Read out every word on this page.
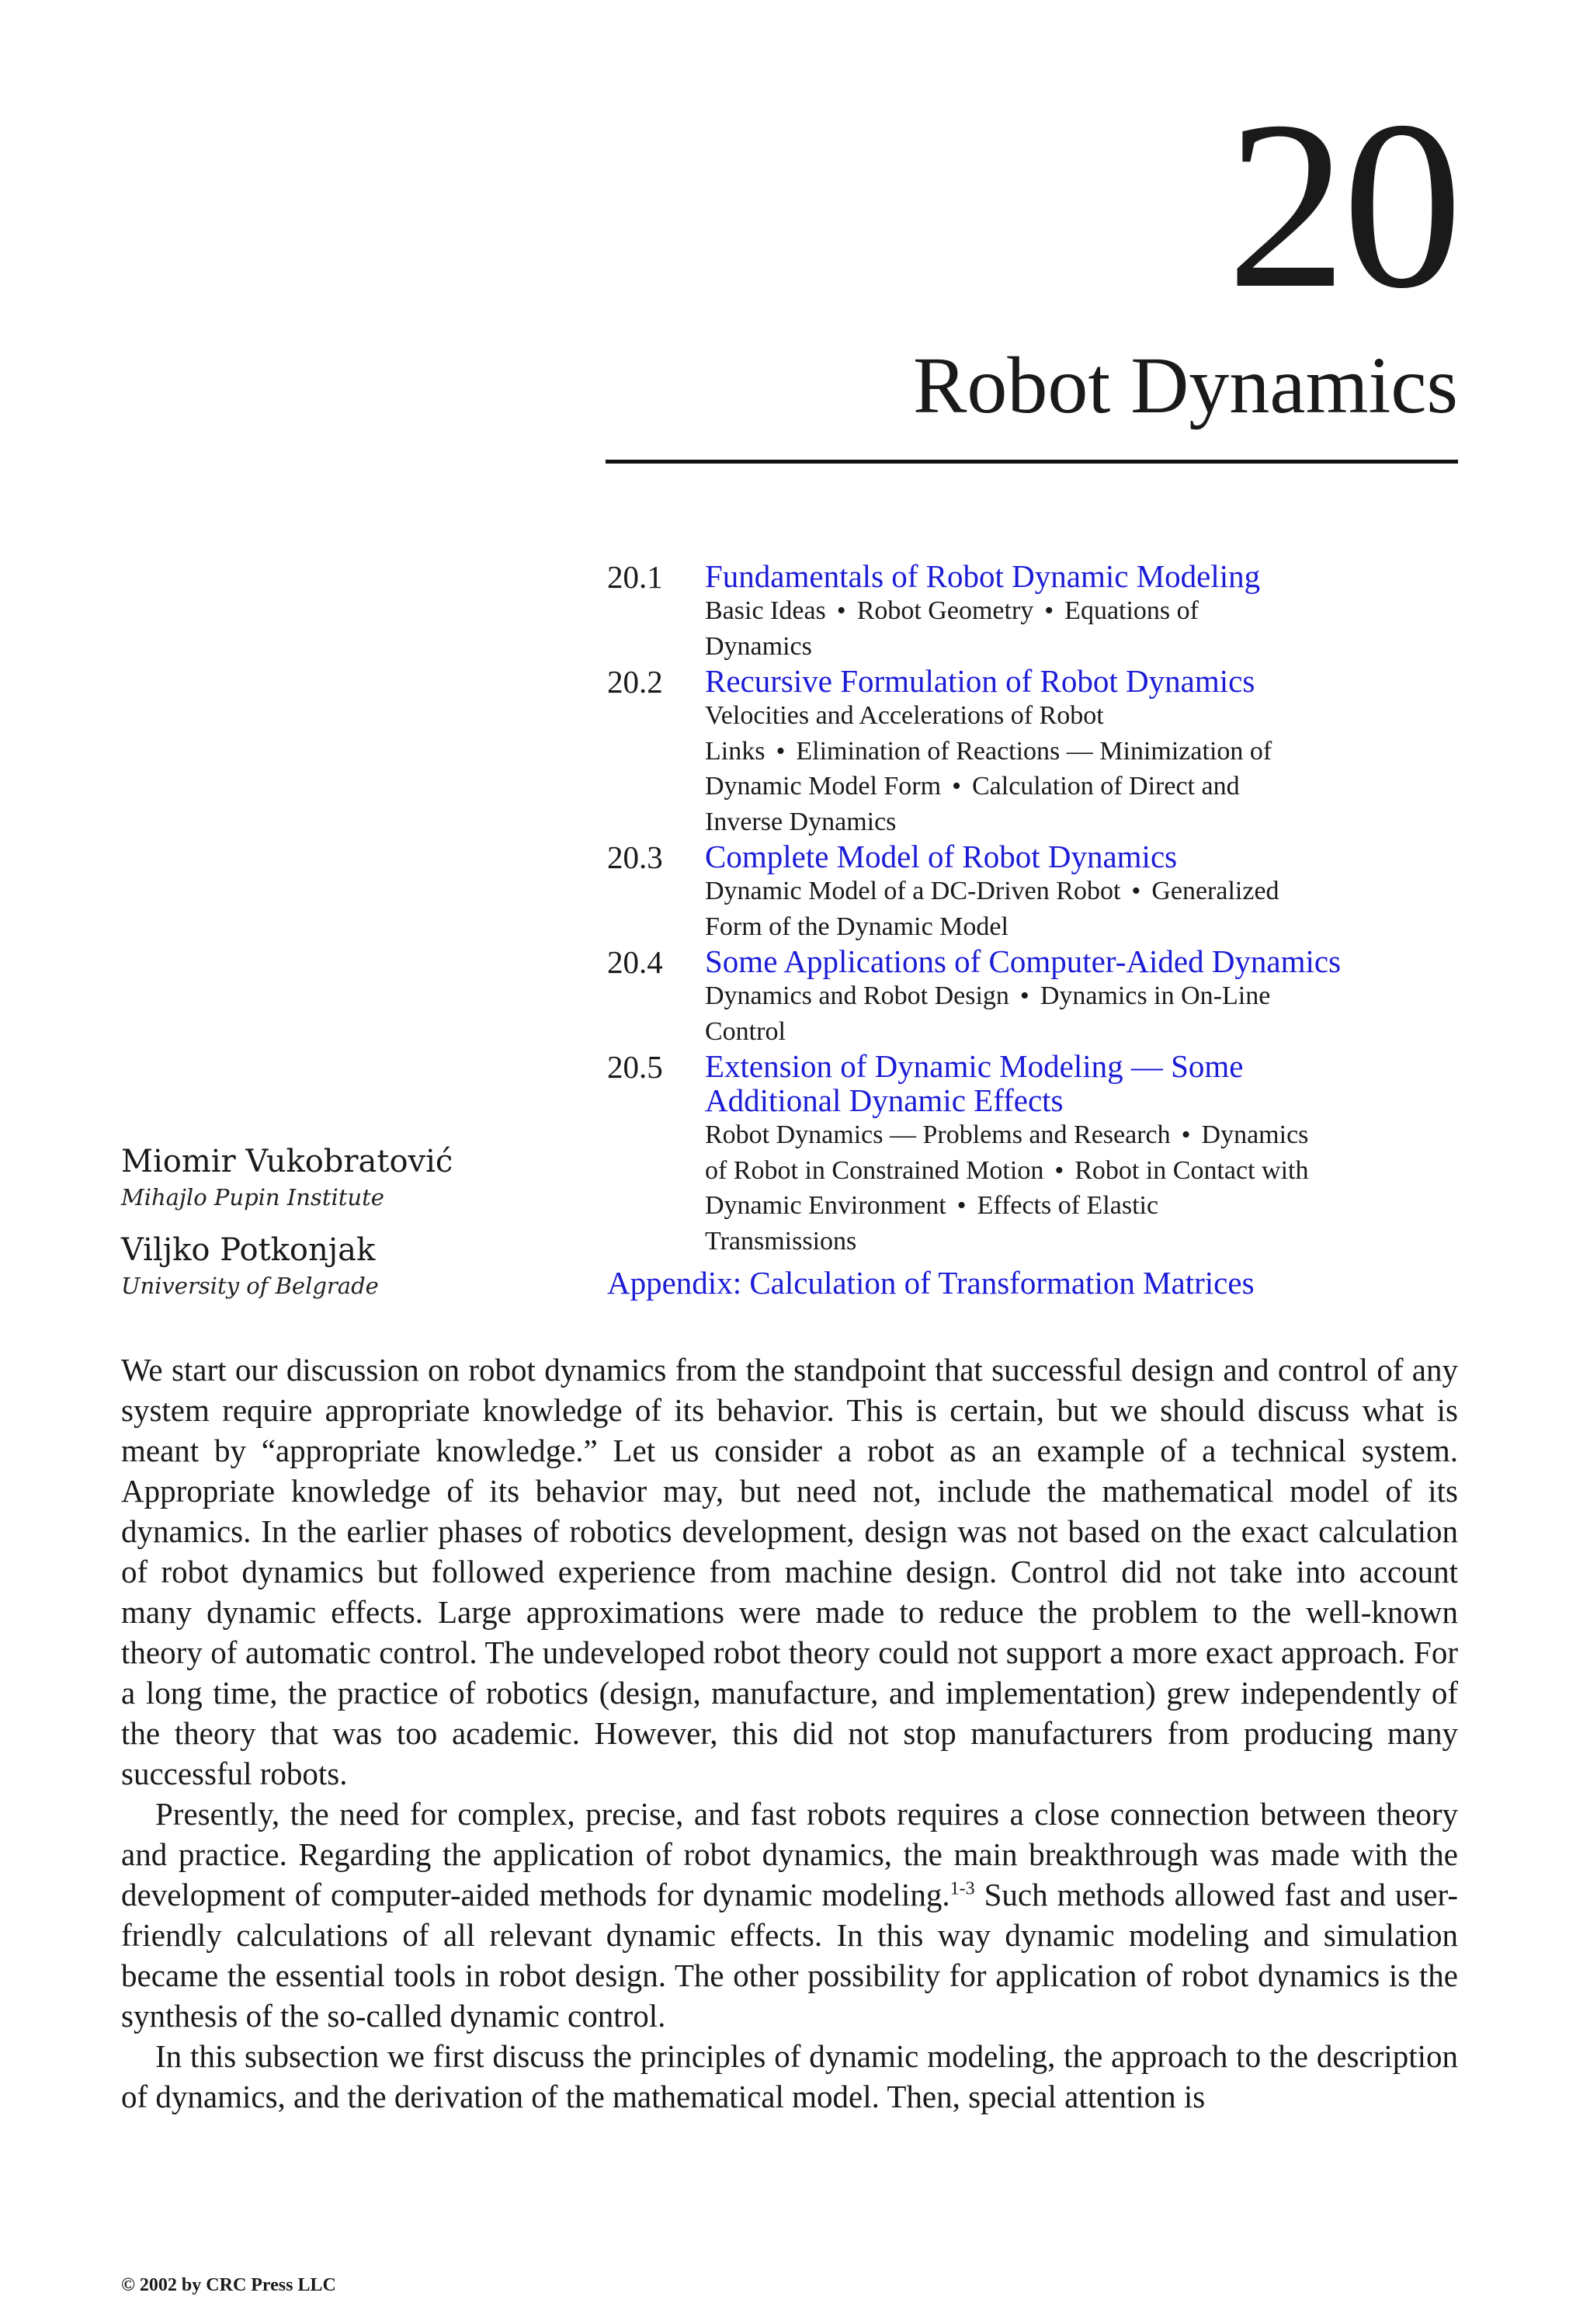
20
Robot Dynamics
20.1	Fundamentals of Robot Dynamic Modeling
Basic Ideas • Robot Geometry • Equations of
Dynamics
20.2	Recursive Formulation of Robot Dynamics
Velocities and Accelerations of Robot
Links • Elimination of Reactions — Minimization of
Dynamic Model Form • Calculation of Direct and
Inverse Dynamics
20.3	Complete Model of Robot Dynamics
Dynamic Model of a DC-Driven Robot • Generalized
Form of the Dynamic Model
20.4	Some Applications of Computer-Aided Dynamics
Dynamics and Robot Design • Dynamics in On-Line
Control
20.5	Extension of Dynamic Modeling — Some
Additional Dynamic Effects
Robot Dynamics — Problems and Research • Dynamics
of Robot in Constrained Motion • Robot in Contact with
Dynamic Environment • Effects of Elastic
Transmissions
Appendix: Calculation of Transformation Matrices
Miomir Vukobratović
Mihajlo Pupin Institute
Viljko Potkonjak
University of Belgrade

We start our discussion on robot dynamics from the standpoint that successful design and control of any system require appropriate knowledge of its behavior. This is certain, but we should discuss what is meant by “appropriate knowledge.” Let us consider a robot as an example of a technical system. Appropriate knowledge of its behavior may, but need not, include the mathematical model of its dynamics. In the earlier phases of robotics development, design was not based on the exact calculation of robot dynamics but followed experience from machine design. Control did not take into account many dynamic effects. Large approximations were made to reduce the problem to the well-known theory of automatic control. The undeveloped robot theory could not support a more exact approach. For a long time, the practice of robotics (design, manufacture, and implementation) grew independently of the theory that was too academic. However, this did not stop manufacturers from producing many successful robots.

Presently, the need for complex, precise, and fast robots requires a close connection between theory and practice. Regarding the application of robot dynamics, the main breakthrough was made with the development of computer-aided methods for dynamic modeling.$^{1-3}$ Such methods allowed fast and user-friendly calculations of all relevant dynamic effects. In this way dynamic modeling and simulation became the essential tools in robot design. The other possibility for application of robot dynamics is the synthesis of the so-called dynamic control.

In this subsection we first discuss the principles of dynamic modeling, the approach to the description of dynamics, and the derivation of the mathematical model. Then, special attention is

© 2002 by CRC Press LLC
